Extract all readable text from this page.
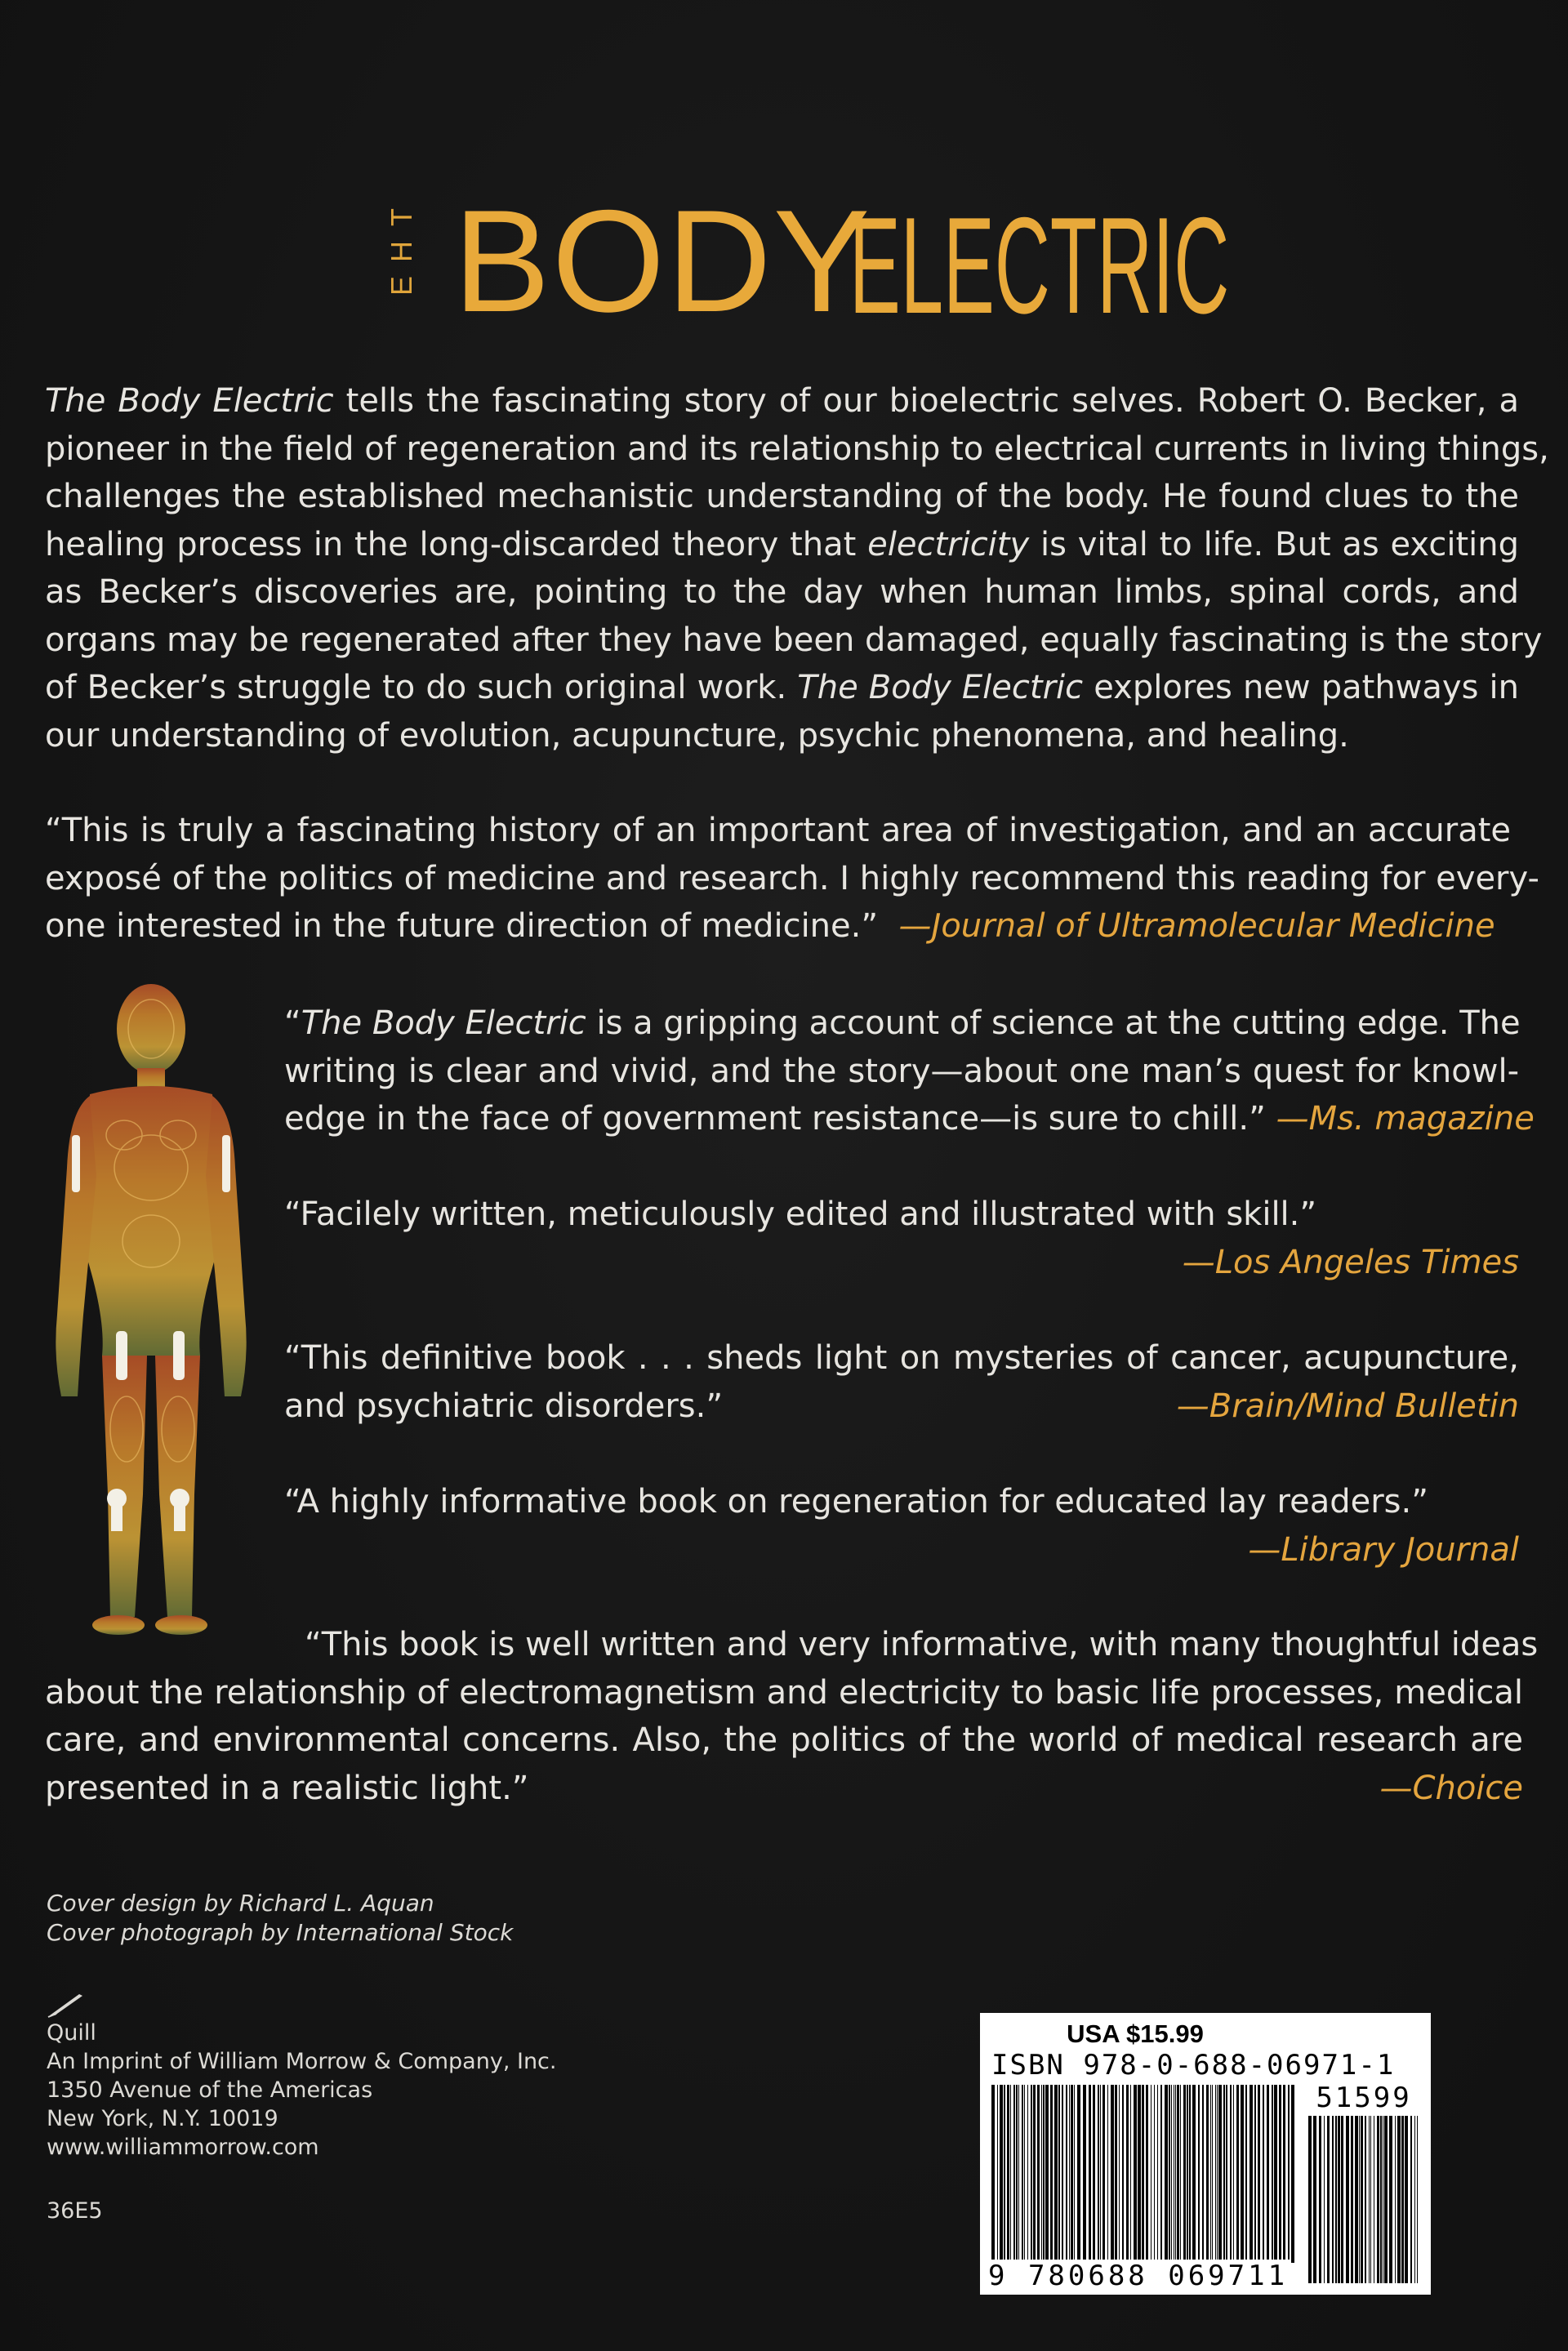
T
H
E BODY
ELECTRIC
The Body Electric tells the fascinating story of our bioelectric selves. Robert O. Becker, a
pioneer in the field of regeneration and its relationship to electrical currents in living things,
challenges the established mechanistic understanding of the body. He found clues to the
healing process in the long-discarded theory that electricity is vital to life. But as exciting
as Becker’s discoveries are, pointing to the day when human limbs, spinal cords, and
organs may be regenerated after they have been damaged, equally fascinating is the story
of Becker’s struggle to do such original work. The Body Electric explores new pathways in
our understanding of evolution, acupuncture, psychic phenomena, and healing.
“This is truly a fascinating history of an important area of investigation, and an accurate
exposé of the politics of medicine and research. I highly recommend this reading for every-
one interested in the future direction of medicine.” —Journal of Ultramolecular Medicine
“The Body Electric is a gripping account of science at the cutting edge. The
writing is clear and vivid, and the story—about one man’s quest for knowl-
edge in the face of government resistance—is sure to chill.” —Ms. magazine
“Facilely written, meticulously edited and illustrated with skill.”
—Los Angeles Times
“This definitive book . . . sheds light on mysteries of cancer, acupuncture,
and psychiatric disorders.”	—Brain/Mind Bulletin
“A highly informative book on regeneration for educated lay readers.”
—Library Journal
“This book is well written and very informative, with many thoughtful ideas
about the relationship of electromagnetism and electricity to basic life processes, medical
care, and environmental concerns. Also, the politics of the world of medical research are
presented in a realistic light.”	—Choice
Cover design by Richard L. Aquan
Cover photograph by International Stock
Quill
An Imprint of William Morrow & Company, Inc.
1350 Avenue of the Americas
New York, N.Y. 10019
www.williammorrow.com
36E5
USA $15.99
ISBN 978-0-688-06971-1
51599
9 780688 069711
